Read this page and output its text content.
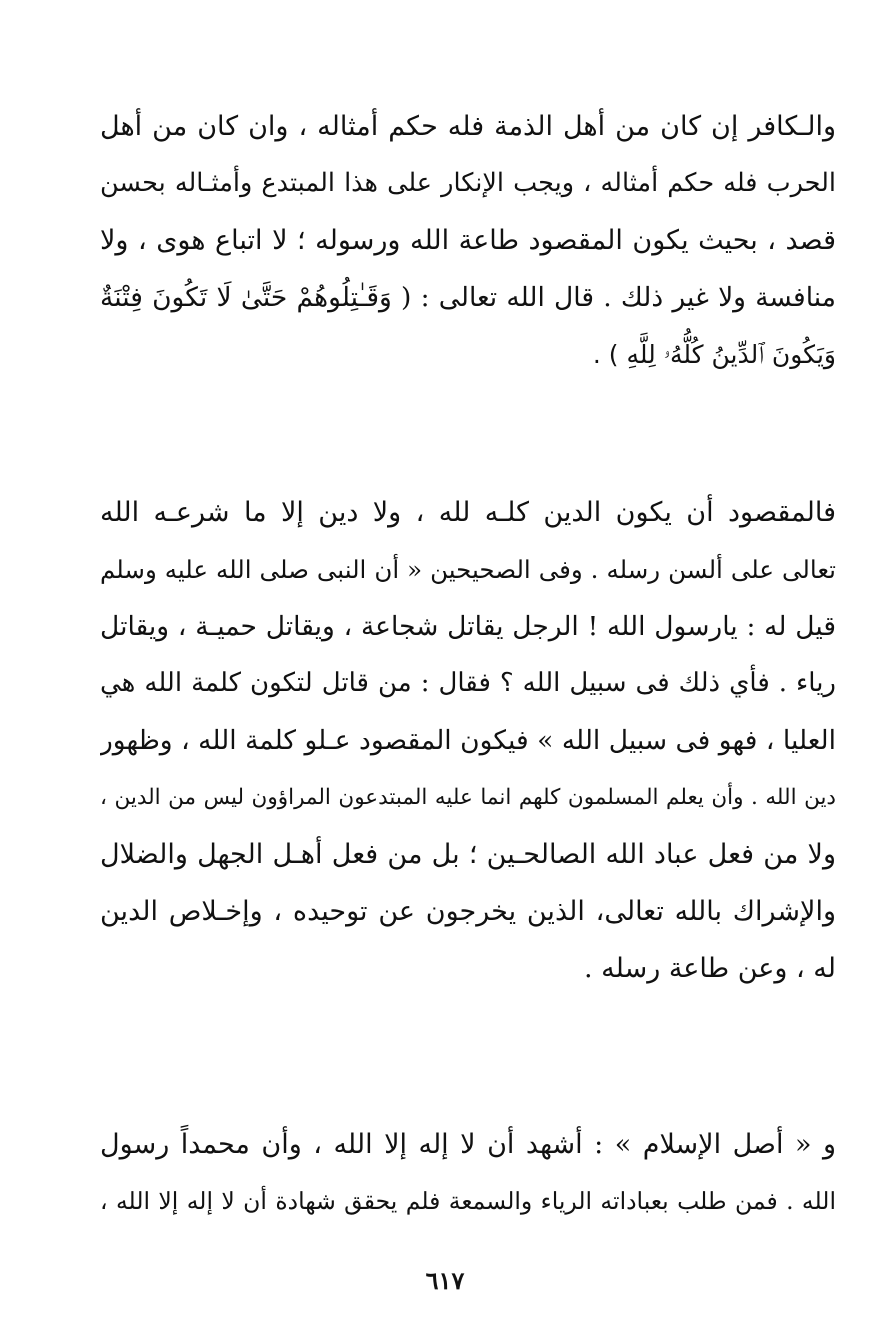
والـكافر إن كان من أهل الذمة فله حكم أمثاله ، وان كان من أهل
الحرب فله حكم أمثاله ، ويجب الإنكار على هذا المبتدع وأمثـاله بحسن
قصد ، بحيث يكون المقصود طاعة الله ورسوله ؛ لا اتباع هوى ، ولا
منافسة ولا غير ذلك . قال الله تعالى : ( وَقَـٰتِلُوهُمْ حَتَّىٰ لَا تَكُونَ فِتْنَةٌ
وَيَكُونَ ٱلدِّينُ كُلُّهُۥ لِلَّهِ ) .
فالمقصود أن يكون الدين كلـه لله ، ولا دين إلا ما شرعـه الله
تعالى على ألسن رسله . وفى الصحيحين « أن النبى صلى الله عليه وسلم
قيل له : يارسول الله ! الرجل يقاتل شجاعة ، ويقاتل حميـة ، ويقاتل
رياء . فأي ذلك فى سبيل الله ؟ فقال : من قاتل لتكون كلمة الله هي
العليا ، فهو فى سبيل الله » فيكون المقصود عـلو كلمة الله ، وظهور
دين الله . وأن يعلم المسلمون كلهم انما عليه المبتدعون المراؤون ليس من الدين ،
ولا من فعل عباد الله الصالحـين ؛ بل من فعل أهـل الجهل والضلال
والإشراك بالله تعالى، الذين يخرجون عن توحيده ، وإخـلاص الدين
له ، وعن طاعة رسله .
و « أصل الإسلام » : أشهد أن لا إله إلا الله ، وأن محمداً رسول
الله . فمن طلب بعباداته الرياء والسمعة فلم يحقق شهادة أن لا إله إلا الله ،
٦١٧
